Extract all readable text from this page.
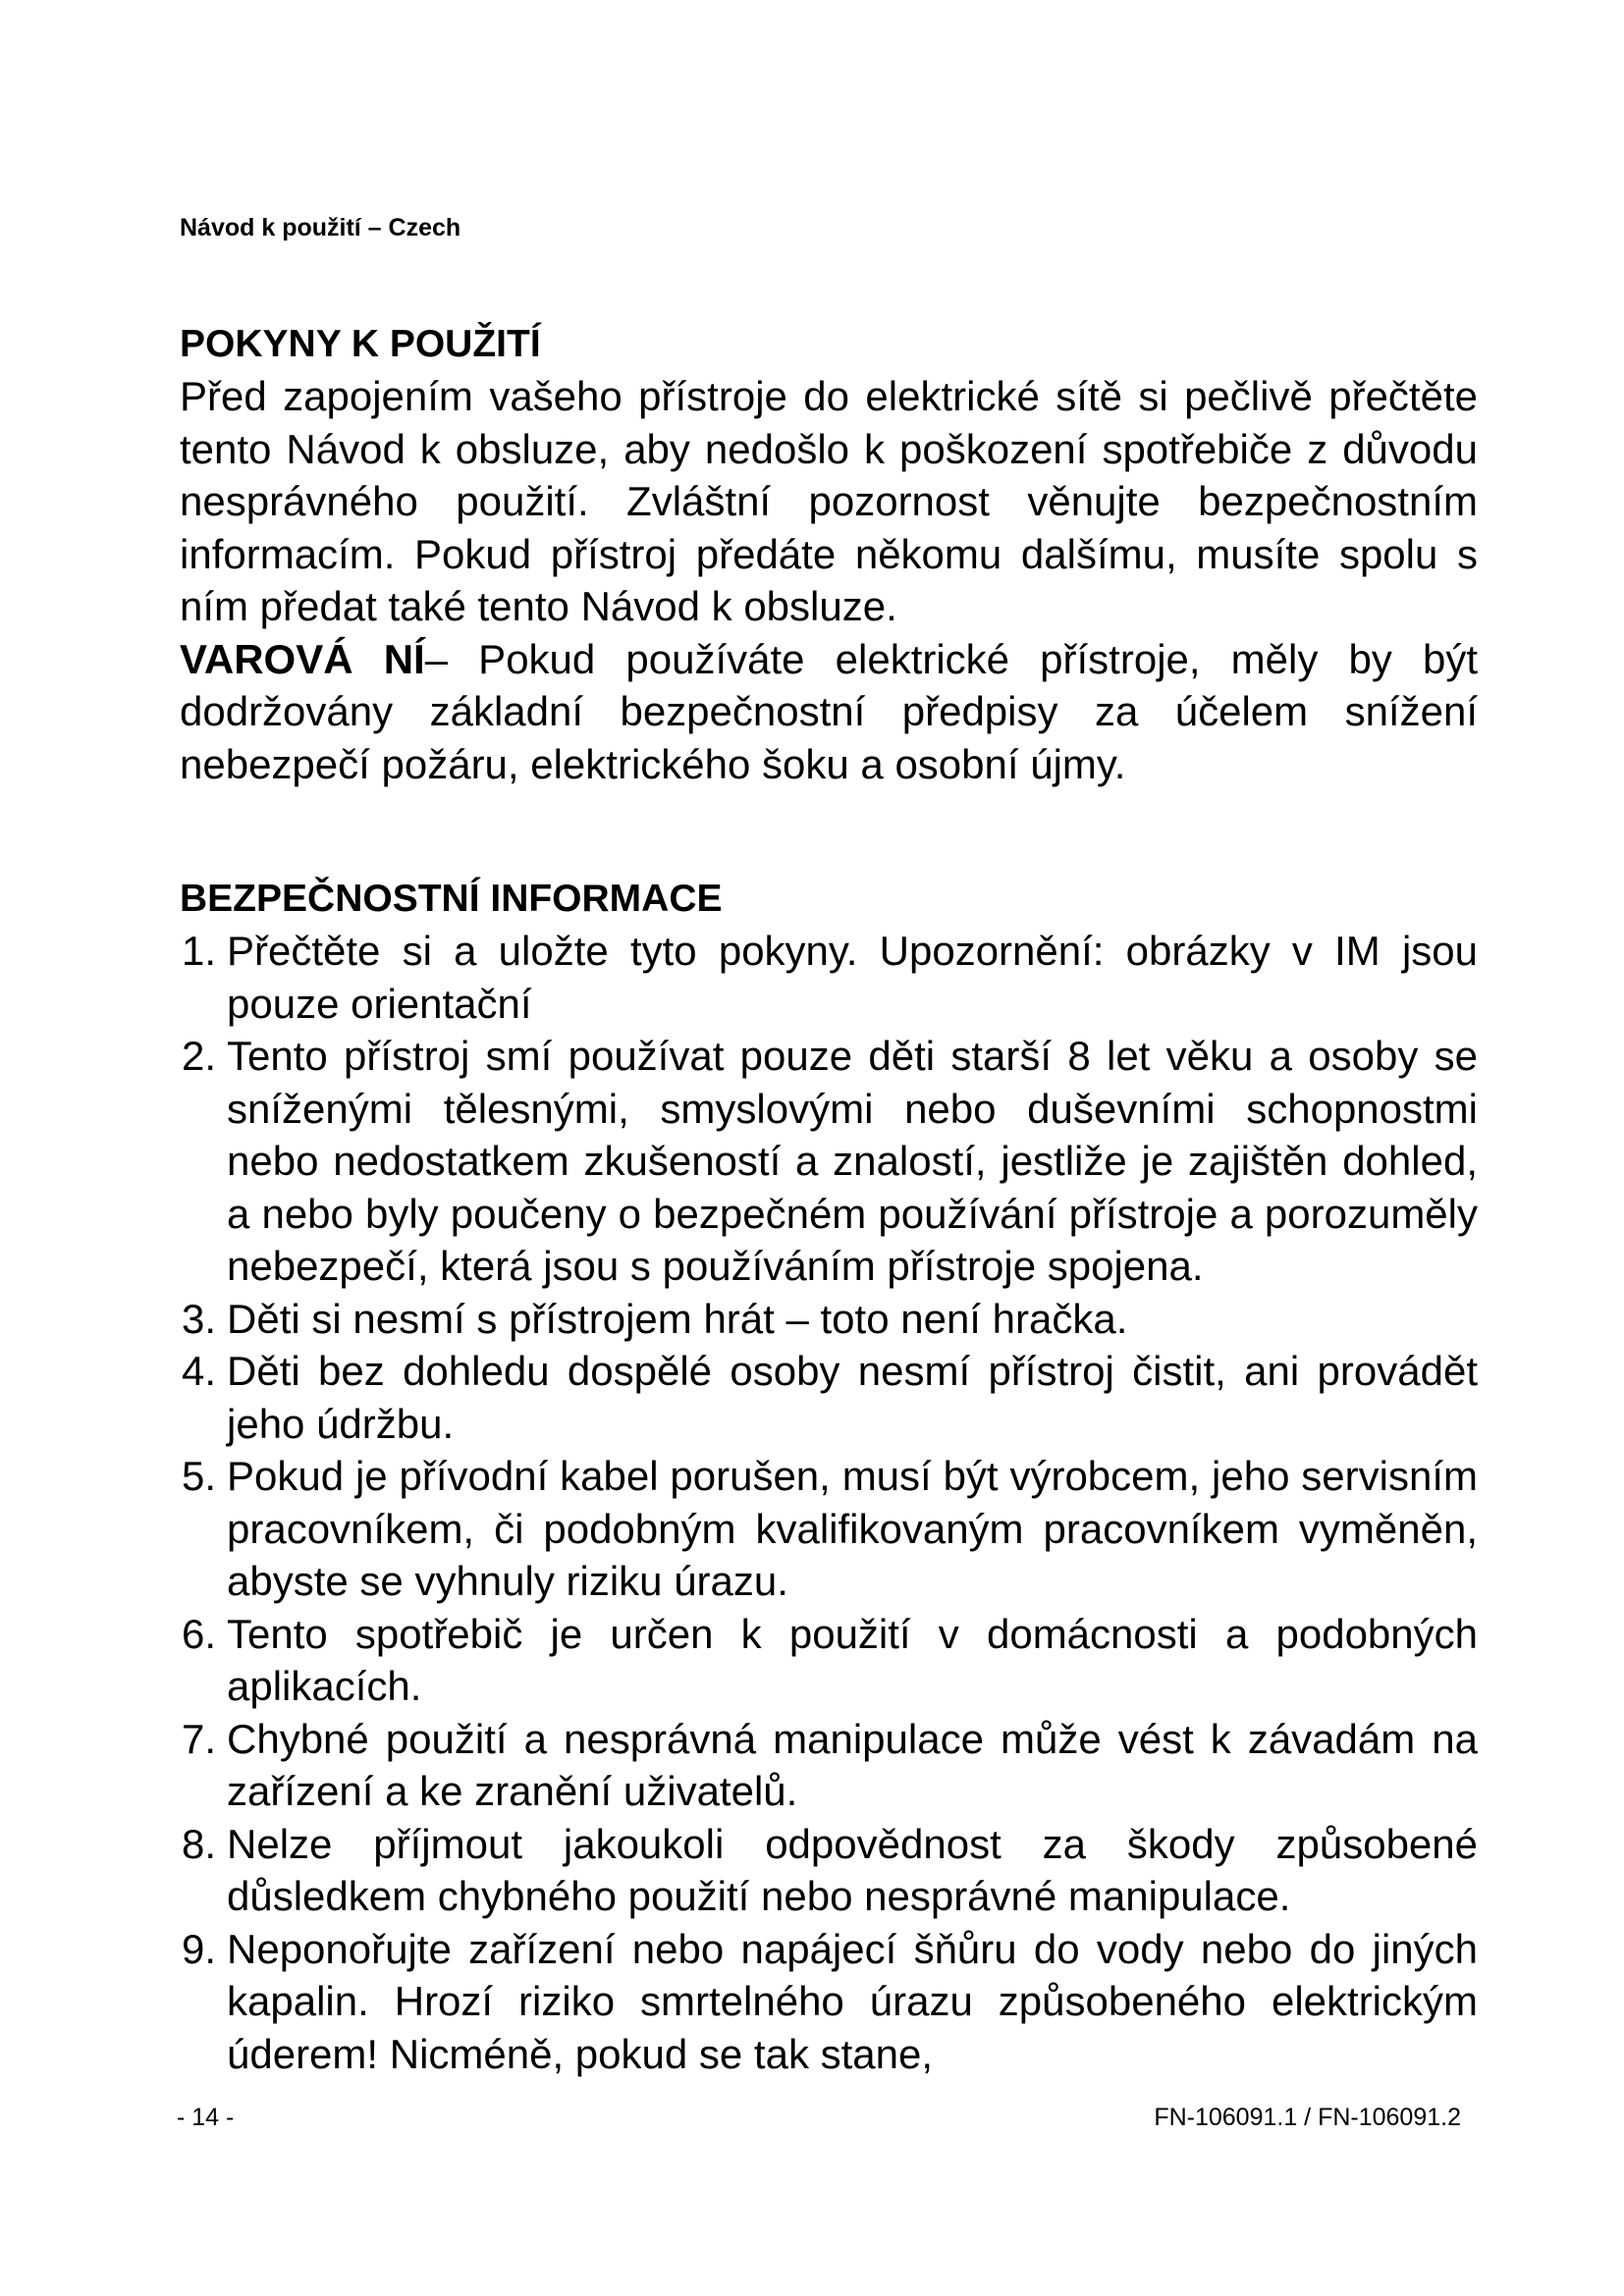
Návod k použití – Czech

POKYNY K POUŽITÍ

Před zapojením vašeho přístroje do elektrické sítě si pečlivě přečtěte tento Návod k obsluze, aby nedošlo k poškození spotřebiče z důvodu nesprávného použití. Zvláštní pozornost věnujte bezpečnostním informacím. Pokud přístroj předáte někomu dalšímu, musíte spolu s ním předat také tento Návod k obsluze.

VAROVÁ NÍ– Pokud používáte elektrické přístroje, měly by být dodržovány základní bezpečnostní předpisy za účelem snížení nebezpečí požáru, elektrického šoku a osobní újmy.

BEZPEČNOSTNÍ INFORMACE
1. Přečtěte si a uložte tyto pokyny. Upozornění: obrázky v IM jsou pouze orientační
2. Tento přístroj smí používat pouze děti starší 8 let věku a osoby se sníženými tělesnými, smyslovými nebo duševními schopnostmi nebo nedostatkem zkušeností a znalostí, jestliže je zajištěn dohled, a nebo byly poučeny o bezpečném používání přístroje a porozuměly nebezpečí, která jsou s používáním přístroje spojena.
3. Děti si nesmí s přístrojem hrát – toto není hračka.
4. Děti bez dohledu dospělé osoby nesmí přístroj čistit, ani provádět jeho údržbu.
5. Pokud je přívodní kabel porušen, musí být výrobcem, jeho servisním pracovníkem, či podobným kvalifikovaným pracovníkem vyměněn, abyste se vyhnuly riziku úrazu.
6. Tento spotřebič je určen k použití v domácnosti a podobných aplikacích.
7. Chybné použití a nesprávná manipulace může vést k závadám na zařízení a ke zranění uživatelů.
8. Nelze příjmout jakoukoli odpovědnost za škody způsobené důsledkem chybného použití nebo nesprávné manipulace.
9. Neponořujte zařízení nebo napájecí šňůru do vody nebo do jiných kapalin. Hrozí riziko smrtelného úrazu způsobeného elektrickým úderem! Nicméně, pokud se tak stane,

- 14 -	FN-106091.1 / FN-106091.2
